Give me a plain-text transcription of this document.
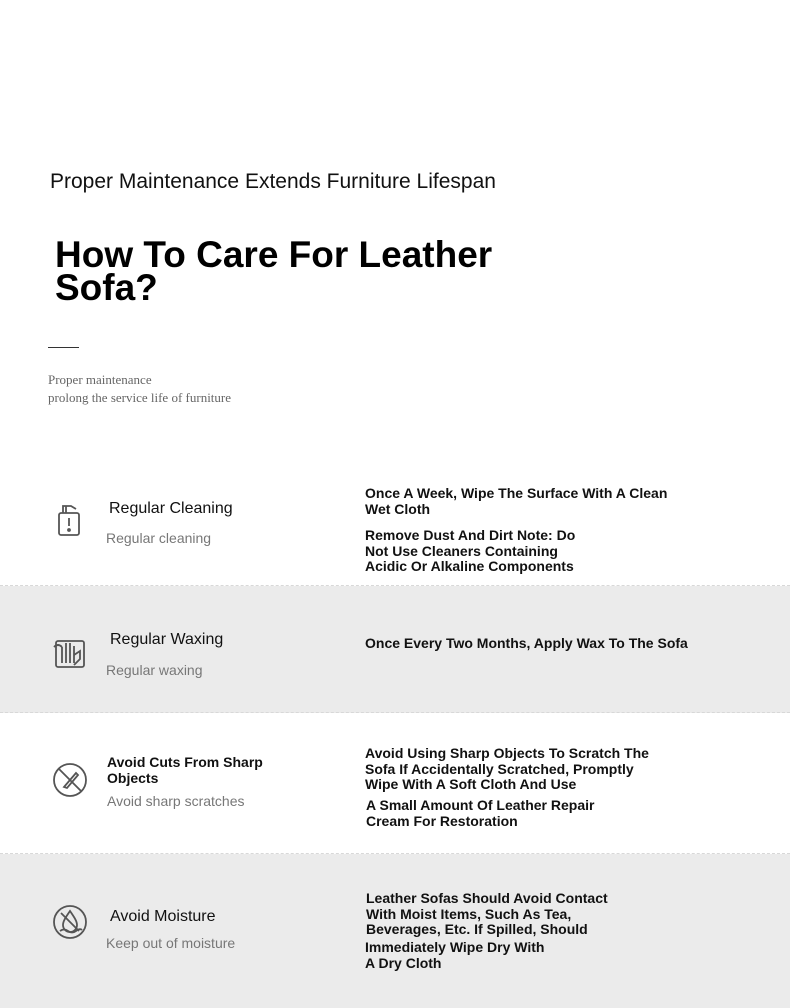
Proper Maintenance Extends Furniture Lifespan
How To Care For Leather Sofa?
Proper maintenance
prolong the service life of furniture
Regular Cleaning
Regular cleaning
Once A Week, Wipe The Surface With A Clean Wet Cloth
Remove Dust And Dirt Note: Do Not Use Cleaners Containing Acidic Or Alkaline Components
Regular Waxing
Regular waxing
Once Every Two Months, Apply Wax To The Sofa
Avoid Cuts From Sharp Objects
Avoid sharp scratches
Avoid Using Sharp Objects To Scratch The Sofa If Accidentally Scratched, Promptly Wipe With A Soft Cloth And Use
A Small Amount Of Leather Repair Cream For Restoration
Avoid Moisture
Keep out of moisture
Leather Sofas Should Avoid Contact With Moist Items, Such As Tea, Beverages, Etc. If Spilled, Should
Immediately Wipe Dry With A Dry Cloth
